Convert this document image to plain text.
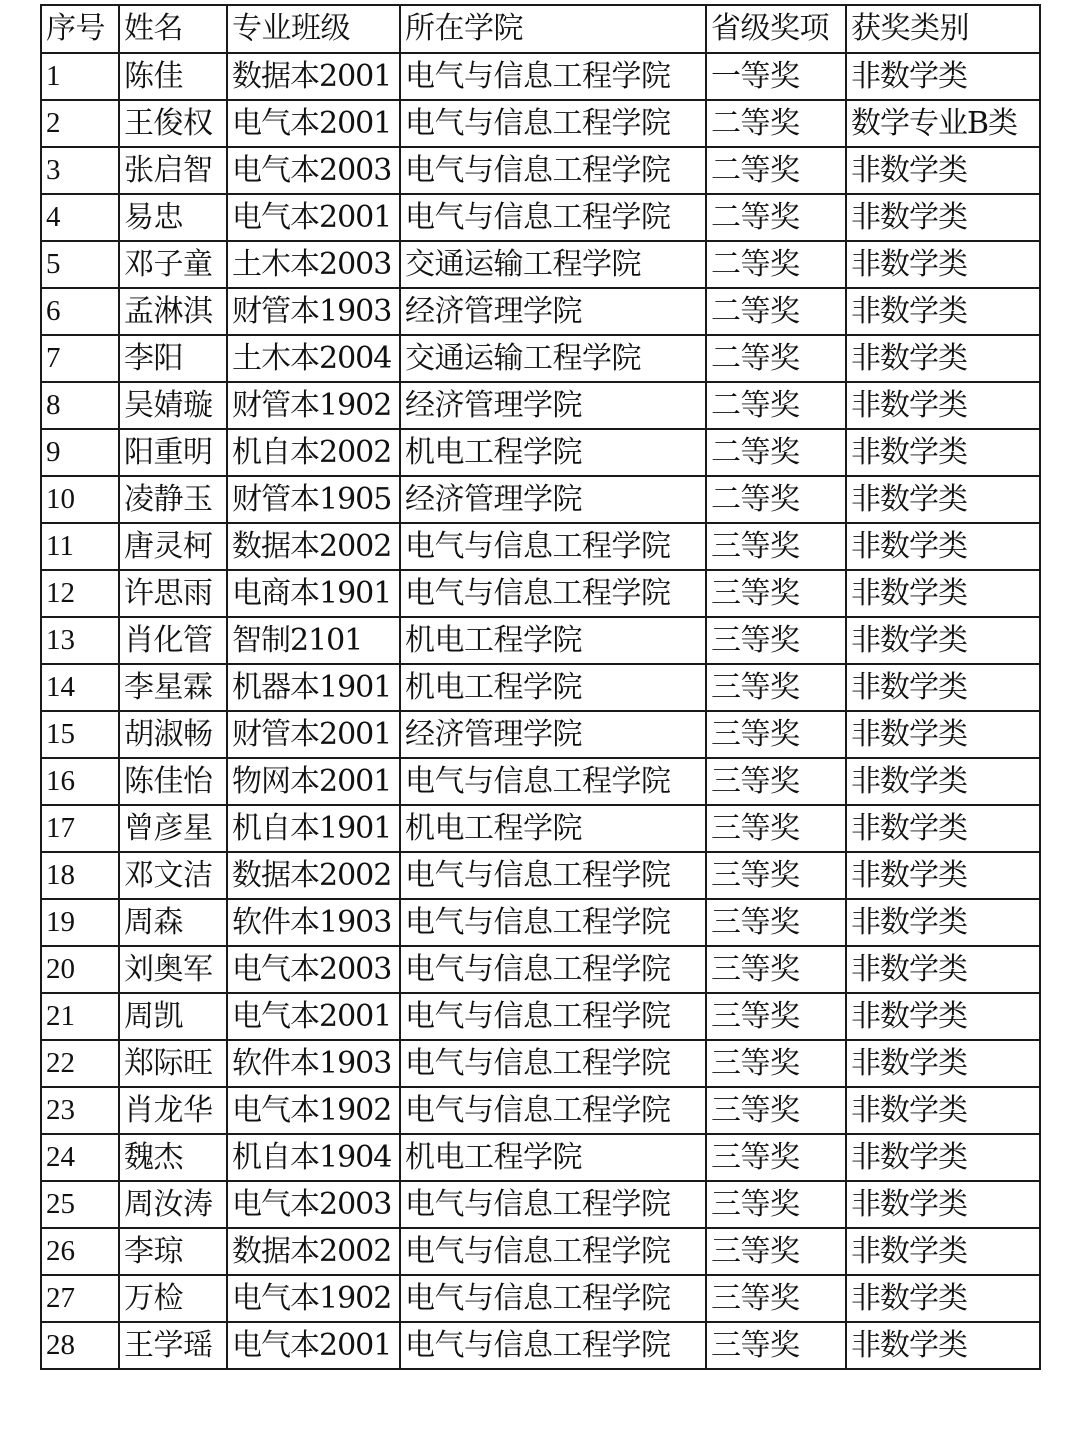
序号	姓名	专业班级	所在学院	省级奖项	获奖类别
1	陈佳	数据本2001	电气与信息工程学院	一等奖	非数学类
2	王俊权	电气本2001	电气与信息工程学院	二等奖	数学专业B类
3	张启智	电气本2003	电气与信息工程学院	二等奖	非数学类
4	易忠	电气本2001	电气与信息工程学院	二等奖	非数学类
5	邓子童	土木本2003	交通运输工程学院	二等奖	非数学类
6	孟淋淇	财管本1903	经济管理学院	二等奖	非数学类
7	李阳	土木本2004	交通运输工程学院	二等奖	非数学类
8	吴婧璇	财管本1902	经济管理学院	二等奖	非数学类
9	阳重明	机自本2002	机电工程学院	二等奖	非数学类
10	凌静玉	财管本1905	经济管理学院	二等奖	非数学类
11	唐灵柯	数据本2002	电气与信息工程学院	三等奖	非数学类
12	许思雨	电商本1901	电气与信息工程学院	三等奖	非数学类
13	肖化管	智制2101	机电工程学院	三等奖	非数学类
14	李星霖	机器本1901	机电工程学院	三等奖	非数学类
15	胡淑畅	财管本2001	经济管理学院	三等奖	非数学类
16	陈佳怡	物网本2001	电气与信息工程学院	三等奖	非数学类
17	曾彦星	机自本1901	机电工程学院	三等奖	非数学类
18	邓文洁	数据本2002	电气与信息工程学院	三等奖	非数学类
19	周森	软件本1903	电气与信息工程学院	三等奖	非数学类
20	刘奥军	电气本2003	电气与信息工程学院	三等奖	非数学类
21	周凯	电气本2001	电气与信息工程学院	三等奖	非数学类
22	郑际旺	软件本1903	电气与信息工程学院	三等奖	非数学类
23	肖龙华	电气本1902	电气与信息工程学院	三等奖	非数学类
24	魏杰	机自本1904	机电工程学院	三等奖	非数学类
25	周汝涛	电气本2003	电气与信息工程学院	三等奖	非数学类
26	李琼	数据本2002	电气与信息工程学院	三等奖	非数学类
27	万检	电气本1902	电气与信息工程学院	三等奖	非数学类
28	王学瑶	电气本2001	电气与信息工程学院	三等奖	非数学类
